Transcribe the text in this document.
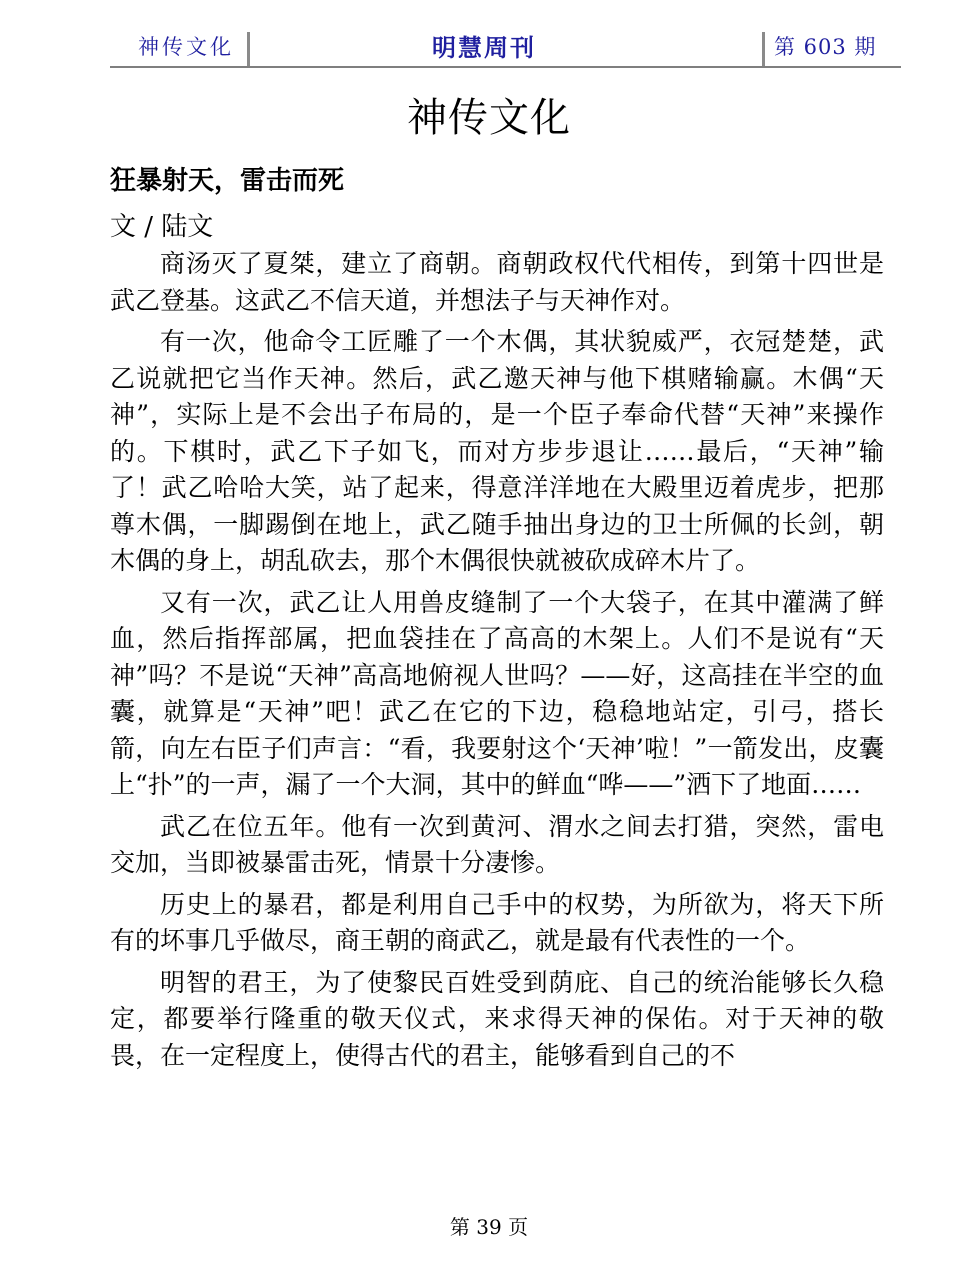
神传文化	明慧周刊	第 603 期
神传文化
狂暴射天，雷击而死
文 / 陆文

商汤灭了夏桀，建立了商朝。商朝政权代代相传，到第十四世是武乙登基。这武乙不信天道，并想法子与天神作对。

有一次，他命令工匠雕了一个木偶，其状貌威严，衣冠楚楚，武乙说就把它当作天神。然后，武乙邀天神与他下棋赌输赢。木偶“天神”，实际上是不会出子布局的，是一个臣子奉命代替“天神”来操作的。下棋时，武乙下子如飞，而对方步步退让……最后，“天神”输了！武乙哈哈大笑，站了起来，得意洋洋地在大殿里迈着虎步，把那尊木偶，一脚踢倒在地上，武乙随手抽出身边的卫士所佩的长剑，朝木偶的身上，胡乱砍去，那个木偶很快就被砍成碎木片了。

又有一次，武乙让人用兽皮缝制了一个大袋子，在其中灌满了鲜血，然后指挥部属，把血袋挂在了高高的木架上。人们不是说有“天神”吗？不是说“天神”高高地俯视人世吗？——好，这高挂在半空的血囊，就算是“天神”吧！武乙在它的下边，稳稳地站定，引弓，搭长箭，向左右臣子们声言：“看，我要射这个‘天神’啦！”一箭发出，皮囊上“扑”的一声，漏了一个大洞，其中的鲜血“哗——”洒下了地面……

武乙在位五年。他有一次到黄河、渭水之间去打猎，突然，雷电交加，当即被暴雷击死，情景十分凄惨。

历史上的暴君，都是利用自己手中的权势，为所欲为，将天下所有的坏事几乎做尽，商王朝的商武乙，就是最有代表性的一个。

明智的君王，为了使黎民百姓受到荫庇、自己的统治能够长久稳定，都要举行隆重的敬天仪式，来求得天神的保佑。对于天神的敬畏，在一定程度上，使得古代的君主，能够看到自己的不

第 39 页
